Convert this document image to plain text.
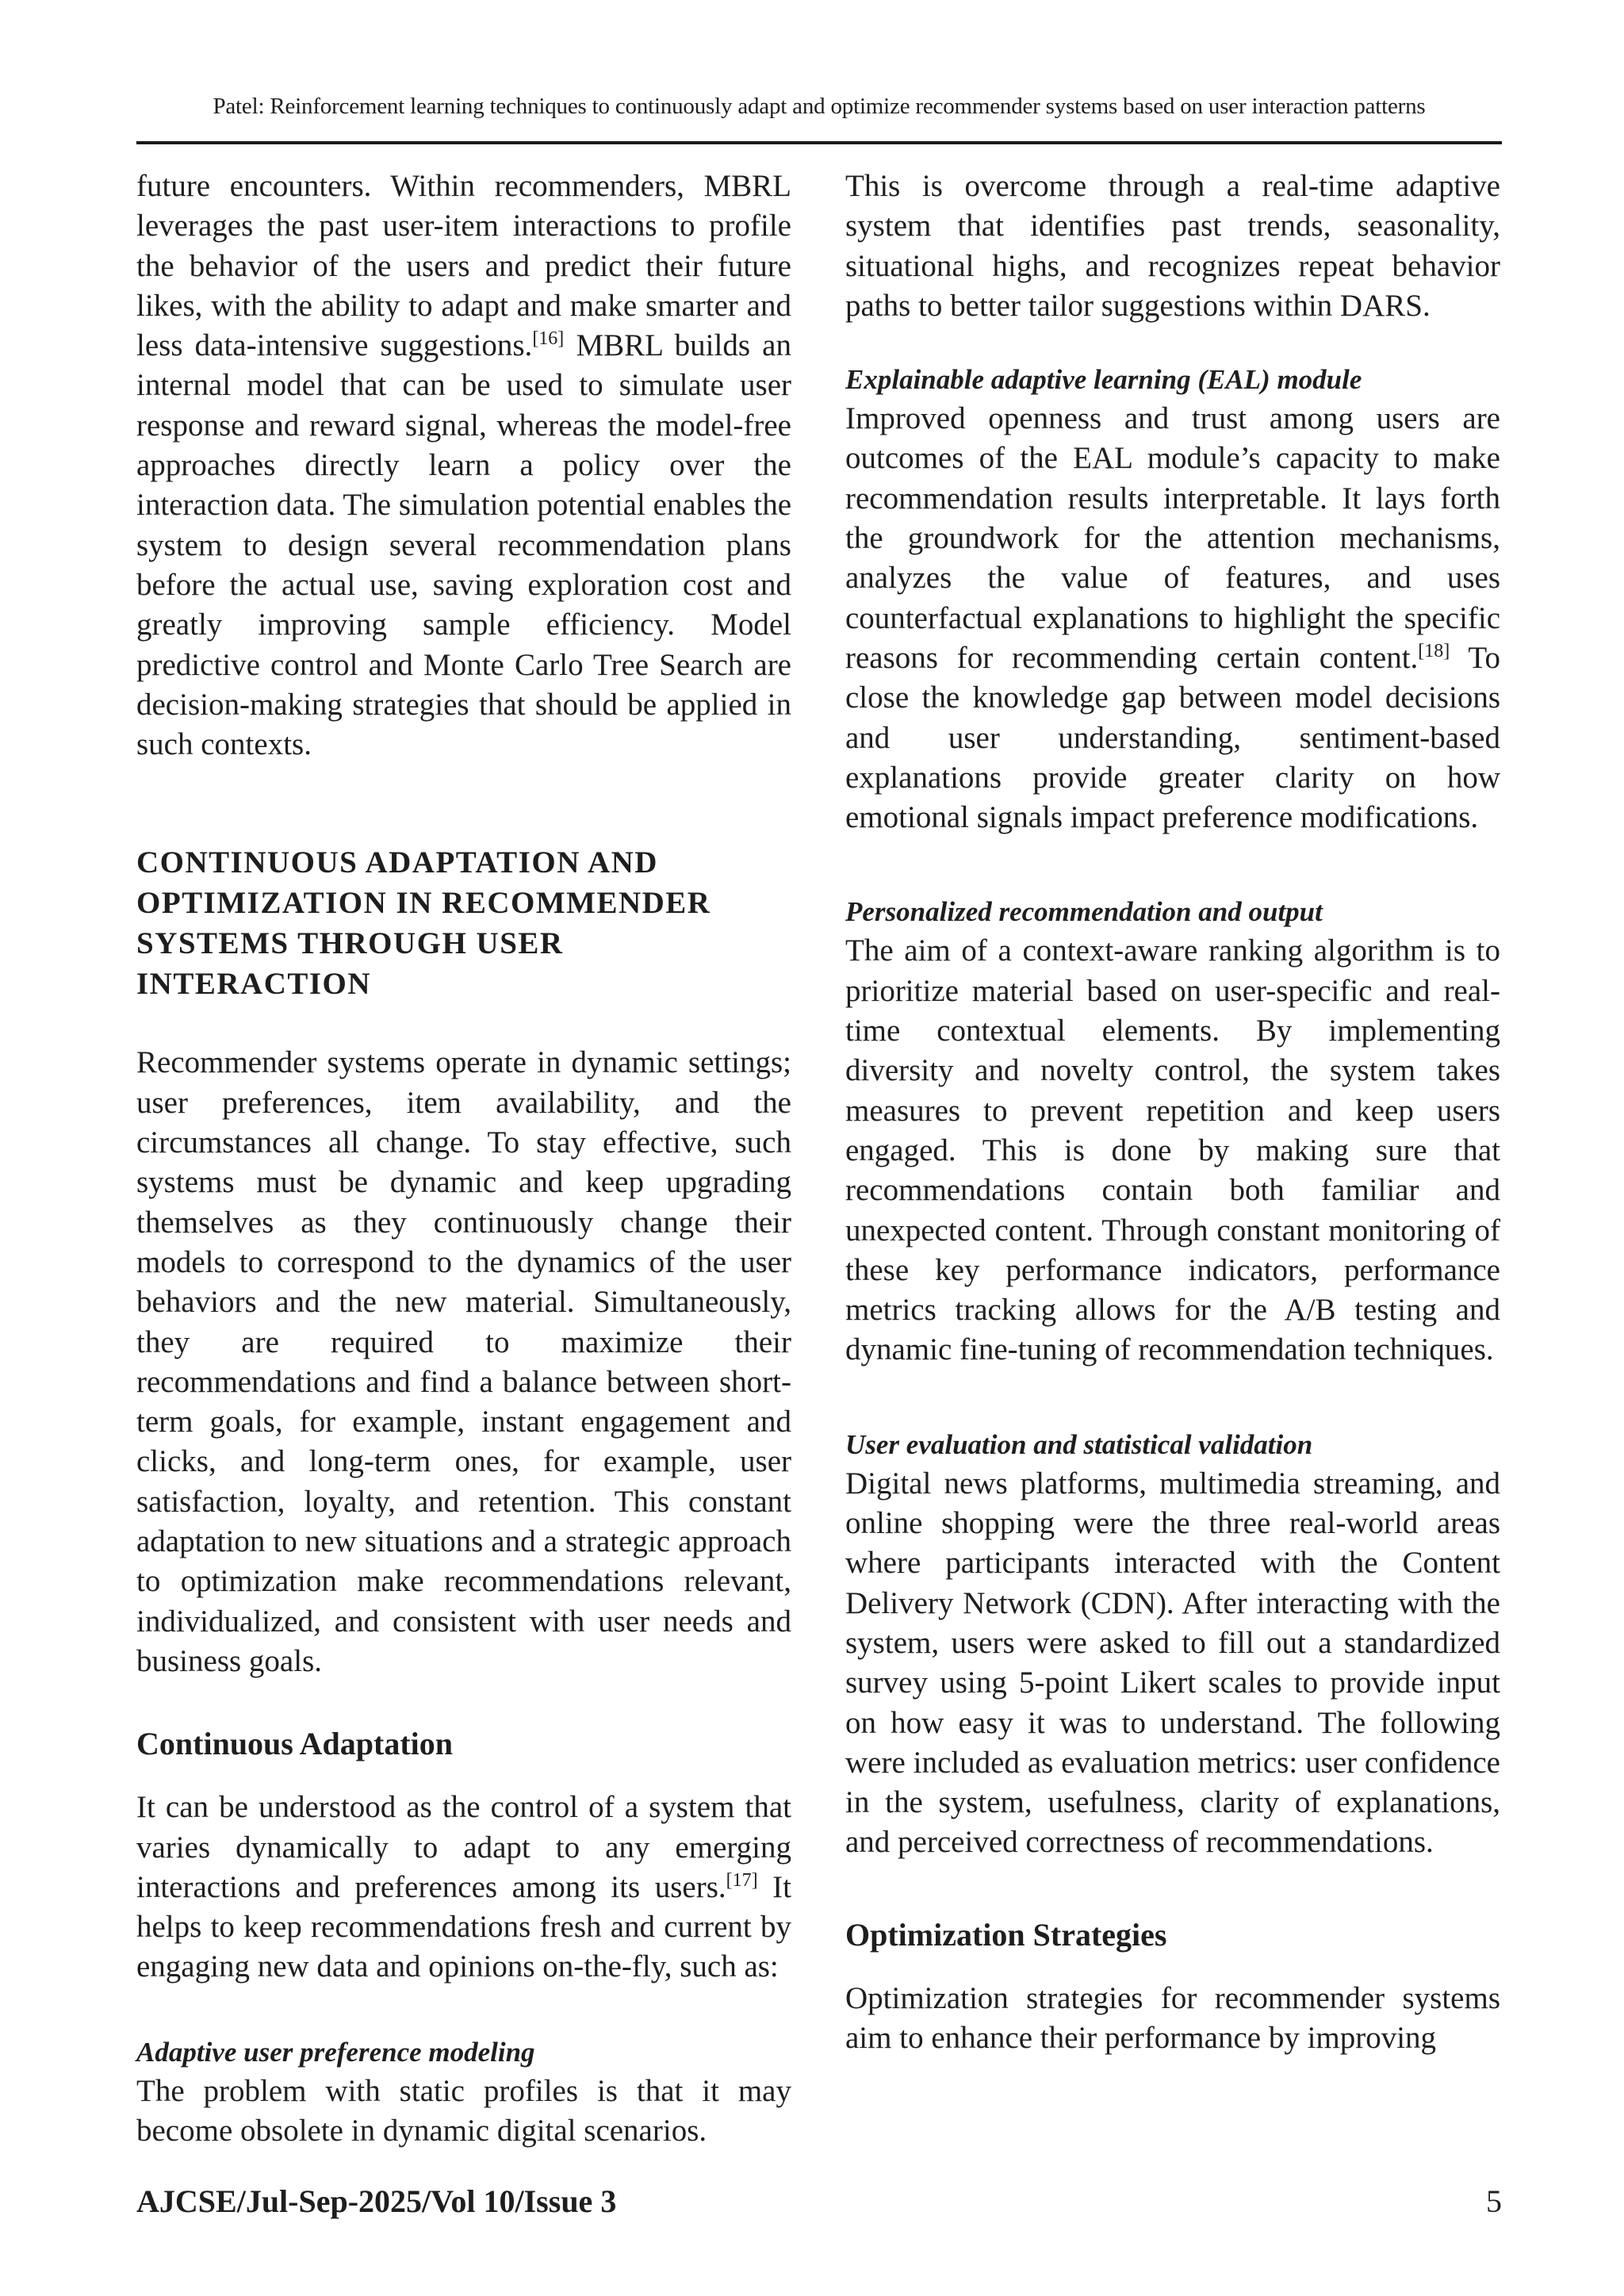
Patel: Reinforcement learning techniques to continuously adapt and optimize recommender systems based on user interaction patterns

future encounters. Within recommenders, MBRL leverages the past user-item interactions to profile the behavior of the users and predict their future likes, with the ability to adapt and make smarter and less data-intensive suggestions.[16] MBRL builds an internal model that can be used to simulate user response and reward signal, whereas the model-free approaches directly learn a policy over the interaction data. The simulation potential enables the system to design several recommendation plans before the actual use, saving exploration cost and greatly improving sample efficiency. Model predictive control and Monte Carlo Tree Search are decision-making strategies that should be applied in such contexts.

CONTINUOUS ADAPTATION AND OPTIMIZATION IN RECOMMENDER SYSTEMS THROUGH USER INTERACTION

Recommender systems operate in dynamic settings; user preferences, item availability, and the circumstances all change. To stay effective, such systems must be dynamic and keep upgrading themselves as they continuously change their models to correspond to the dynamics of the user behaviors and the new material. Simultaneously, they are required to maximize their recommendations and find a balance between short-term goals, for example, instant engagement and clicks, and long-term ones, for example, user satisfaction, loyalty, and retention. This constant adaptation to new situations and a strategic approach to optimization make recommendations relevant, individualized, and consistent with user needs and business goals.

Continuous Adaptation

It can be understood as the control of a system that varies dynamically to adapt to any emerging interactions and preferences among its users.[17] It helps to keep recommendations fresh and current by engaging new data and opinions on-the-fly, such as:

Adaptive user preference modeling

The problem with static profiles is that it may become obsolete in dynamic digital scenarios.

This is overcome through a real-time adaptive system that identifies past trends, seasonality, situational highs, and recognizes repeat behavior paths to better tailor suggestions within DARS.

Explainable adaptive learning (EAL) module

Improved openness and trust among users are outcomes of the EAL module’s capacity to make recommendation results interpretable. It lays forth the groundwork for the attention mechanisms, analyzes the value of features, and uses counterfactual explanations to highlight the specific reasons for recommending certain content.[18] To close the knowledge gap between model decisions and user understanding, sentiment-based explanations provide greater clarity on how emotional signals impact preference modifications.

Personalized recommendation and output

The aim of a context-aware ranking algorithm is to prioritize material based on user-specific and real-time contextual elements. By implementing diversity and novelty control, the system takes measures to prevent repetition and keep users engaged. This is done by making sure that recommendations contain both familiar and unexpected content. Through constant monitoring of these key performance indicators, performance metrics tracking allows for the A/B testing and dynamic fine-tuning of recommendation techniques.

User evaluation and statistical validation

Digital news platforms, multimedia streaming, and online shopping were the three real-world areas where participants interacted with the Content Delivery Network (CDN). After interacting with the system, users were asked to fill out a standardized survey using 5-point Likert scales to provide input on how easy it was to understand. The following were included as evaluation metrics: user confidence in the system, usefulness, clarity of explanations, and perceived correctness of recommendations.

Optimization Strategies

Optimization strategies for recommender systems aim to enhance their performance by improving

AJCSE/Jul-Sep-2025/Vol 10/Issue 3	5
